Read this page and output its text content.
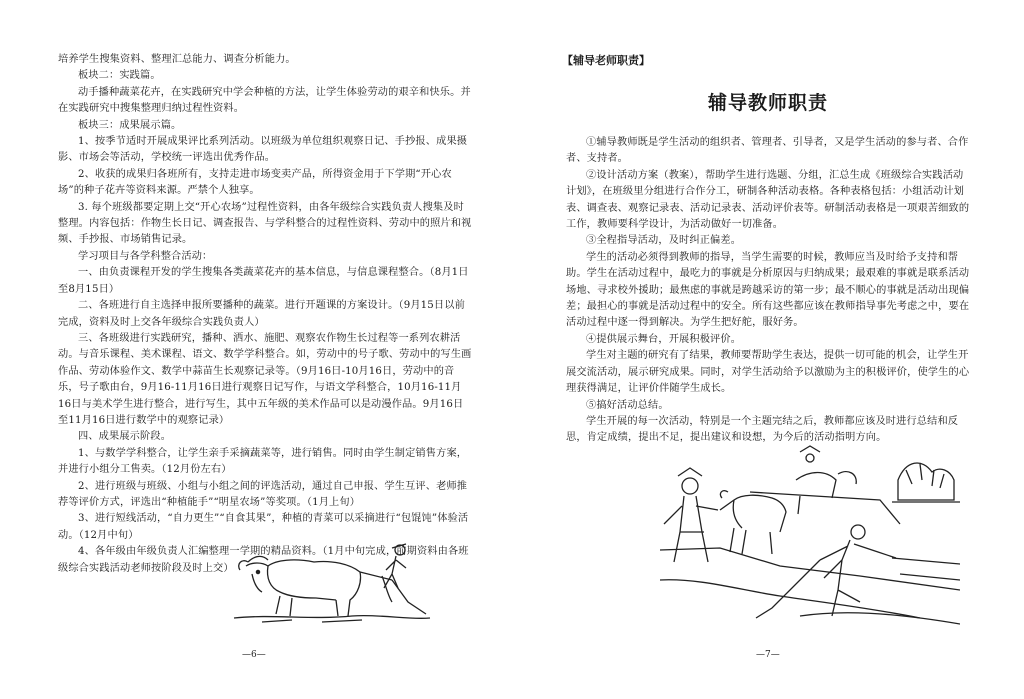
培养学生搜集资料、整理汇总能力、调查分析能力。

板块二：实践篇。

动手播种蔬菜花卉，在实践研究中学会种植的方法，让学生体验劳动的艰辛和快乐。并在实践研究中搜集整理归纳过程性资料。

板块三：成果展示篇。

1、按季节适时开展成果评比系列活动。以班级为单位组织观察日记、手抄报、成果摄影、市场会等活动，学校统一评选出优秀作品。

2、收获的成果归各班所有，支持走进市场变卖产品，所得资金用于下学期“开心农场”的种子花卉等资料来源。严禁个人独享。

3. 每个班级都要定期上交“开心农场”过程性资料，由各年级综合实践负责人搜集及时整理。内容包括：作物生长日记、调查报告、与学科整合的过程性资料、劳动中的照片和视频、手抄报、市场销售记录。

学习项目与各学科整合活动：

一、由负责课程开发的学生搜集各类蔬菜花卉的基本信息，与信息课程整合。（8月1日至8月15日）

二、各班进行自主选择申报所要播种的蔬菜。进行开题课的方案设计。（9月15日以前完成，资料及时上交各年级综合实践负责人）

三、各班级进行实践研究，播种、洒水、施肥、观察农作物生长过程等一系列农耕活动。与音乐课程、美术课程、语文、数学学科整合。如，劳动中的号子歌、劳动中的写生画作品、劳动体验作文、数学中蒜苗生长观察记录等。（9月16日-10月16日，劳动中的音乐，号子歌由台，9月16-11月16日进行观察日记写作，与语文学科整合，10月16-11月16日与美术学生进行整合，进行写生，其中五年级的美术作品可以是动漫作品。9月16日至11月16日进行数学中的观察记录）

四、成果展示阶段。

1、与数学学科整合，让学生亲手采摘蔬菜等，进行销售。同时由学生制定销售方案，并进行小组分工售卖。（12月份左右）

2、进行班级与班级、小组与小组之间的评选活动，通过自己申报、学生互评、老师推荐等评价方式，评选出“种植能手”“明星农场”等奖项。（1月上旬）

3、进行短线活动，“自力更生”“自食其果”，种植的青菜可以采摘进行“包馄饨”体验活动。（12月中旬）

4、各年级由年级负责人汇编整理一学期的精品资料。（1月中旬完成，前期资料由各班级综合实践活动老师按阶段及时上交）

—6—
【辅导老师职责】
辅导教师职责

①辅导教师既是学生活动的组织者、管理者、引导者，又是学生活动的参与者、合作者、支持者。

②设计活动方案（教案），帮助学生进行选题、分组，汇总生成《班级综合实践活动计划》，在班级里分组进行合作分工，研制各种活动表格。各种表格包括：小组活动计划表、调查表、观察记录表、活动记录表、活动评价表等。研制活动表格是一项艰苦细致的工作，教师要科学设计，为活动做好一切准备。

③全程指导活动，及时纠正偏差。

学生的活动必须得到教师的指导，当学生需要的时候，教师应当及时给予支持和帮助。学生在活动过程中，最吃力的事就是分析原因与归纳成果；最艰难的事就是联系活动场地、寻求校外援助；最焦虑的事就是跨越采访的第一步；最不顺心的事就是活动出现偏差；最担心的事就是活动过程中的安全。所有这些都应该在教师指导事先考虑之中，要在活动过程中逐一得到解决。为学生把好舵，服好务。

④提供展示舞台，开展积极评价。

学生对主题的研究有了结果，教师要帮助学生表达，提供一切可能的机会，让学生开展交流活动，展示研究成果。同时，对学生活动给予以激励为主的积极评价，使学生的心理获得满足，让评价伴随学生成长。

⑤搞好活动总结。

学生开展的每一次活动，特别是一个主题完结之后，教师都应该及时进行总结和反思，肯定成绩，提出不足，提出建议和设想，为今后的活动指明方向。

—7—
